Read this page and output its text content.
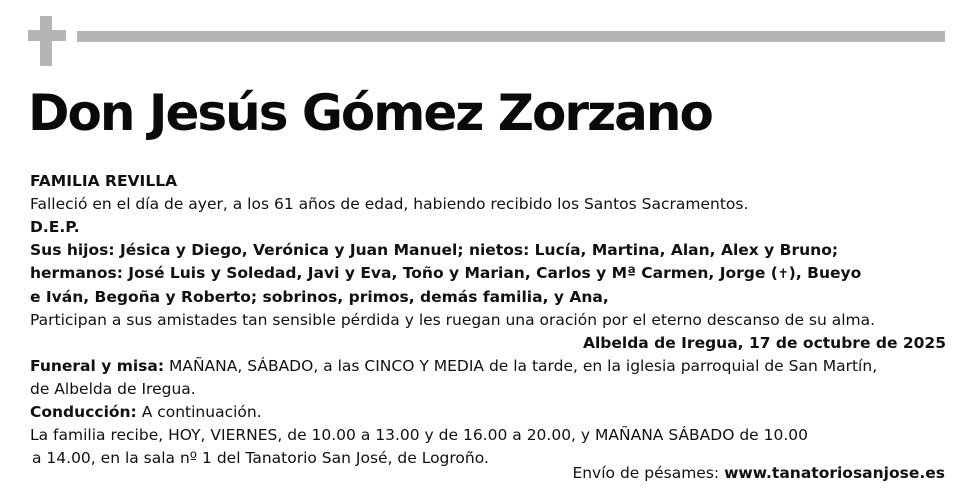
Don Jesús Gómez Zorzano

FAMILIA REVILLA

Falleció en el día de ayer, a los 61 años de edad, habiendo recibido los Santos Sacramentos.

D.E.P.

Sus hijos: Jésica y Diego, Verónica y Juan Manuel; nietos: Lucía, Martina, Alan, Alex y Bruno;

hermanos: José Luis y Soledad, Javi y Eva, Toño y Marian, Carlos y Mª Carmen, Jorge (✝), Bueyo

e Iván, Begoña y Roberto; sobrinos, primos, demás familia, y Ana,

Participan a sus amistades tan sensible pérdida y les ruegan una oración por el eterno descanso de su alma.

Albelda de Iregua, 17 de octubre de 2025

Funeral y misa: MAÑANA, SÁBADO, a las CINCO Y MEDIA de la tarde, en la iglesia parroquial de San Martín,

de Albelda de Iregua.

Conducción: A continuación.

La familia recibe, HOY, VIERNES, de 10.00 a 13.00 y de 16.00 a 20.00, y MAÑANA SÁBADO de 10.00

a 14.00, en la sala nº 1 del Tanatorio San José, de Logroño.

Envío de pésames: www.tanatoriosanjose.es
